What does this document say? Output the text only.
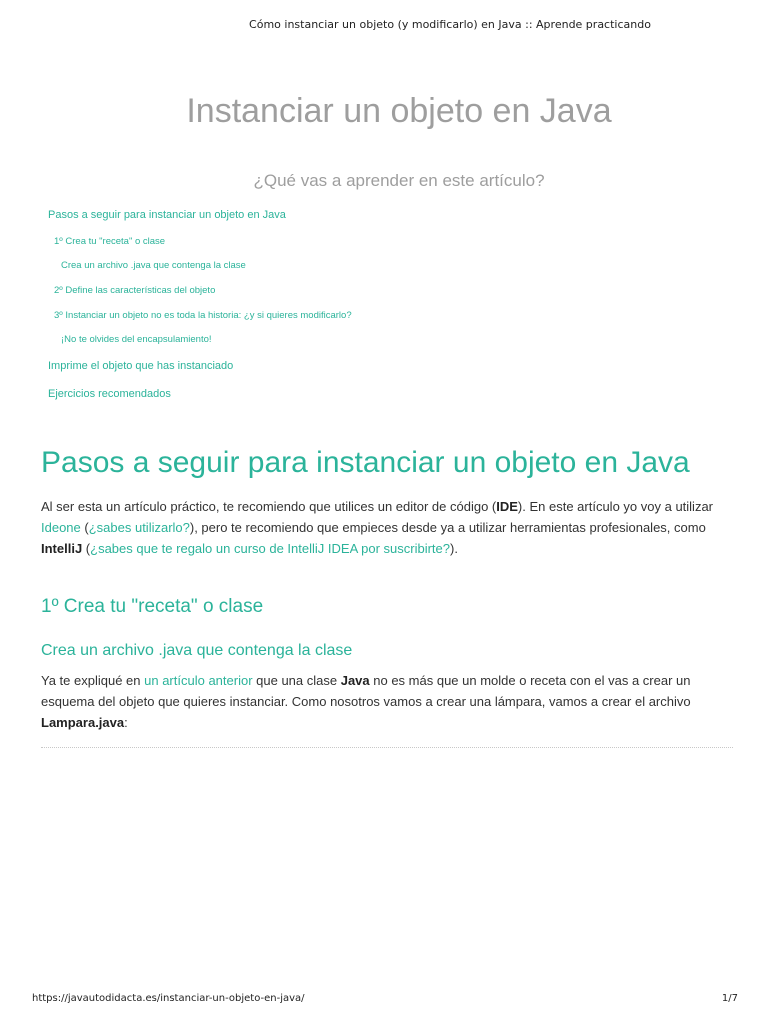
Cómo instanciar un objeto (y modificarlo) en Java :: Aprende practicando
Instanciar un objeto en Java
¿Qué vas a aprender en este artículo?
Pasos a seguir para instanciar un objeto en Java
1º Crea tu "receta" o clase
Crea un archivo .java que contenga la clase
2º Define las características del objeto
3º Instanciar un objeto no es toda la historia: ¿y si quieres modificarlo?
¡No te olvides del encapsulamiento!
Imprime el objeto que has instanciado
Ejercicios recomendados
Pasos a seguir para instanciar un objeto en Java

Al ser esta un artículo práctico, te recomiendo que utilices un editor de código (IDE). En este artículo yo voy a utilizar Ideone (¿sabes utilizarlo?), pero te recomiendo que empieces desde ya a utilizar herramientas profesionales, como IntelliJ (¿sabes que te regalo un curso de IntelliJ IDEA por suscribirte?).

1º Crea tu "receta" o clase
Crea un archivo .java que contenga la clase

Ya te expliqué en un artículo anterior que una clase Java no es más que un molde o receta con el vas a crear un esquema del objeto que quieres instanciar. Como nosotros vamos a crear una lámpara, vamos a crear el archivo Lampara.java:

https://javautodidacta.es/instanciar-un-objeto-en-java/	1/7
